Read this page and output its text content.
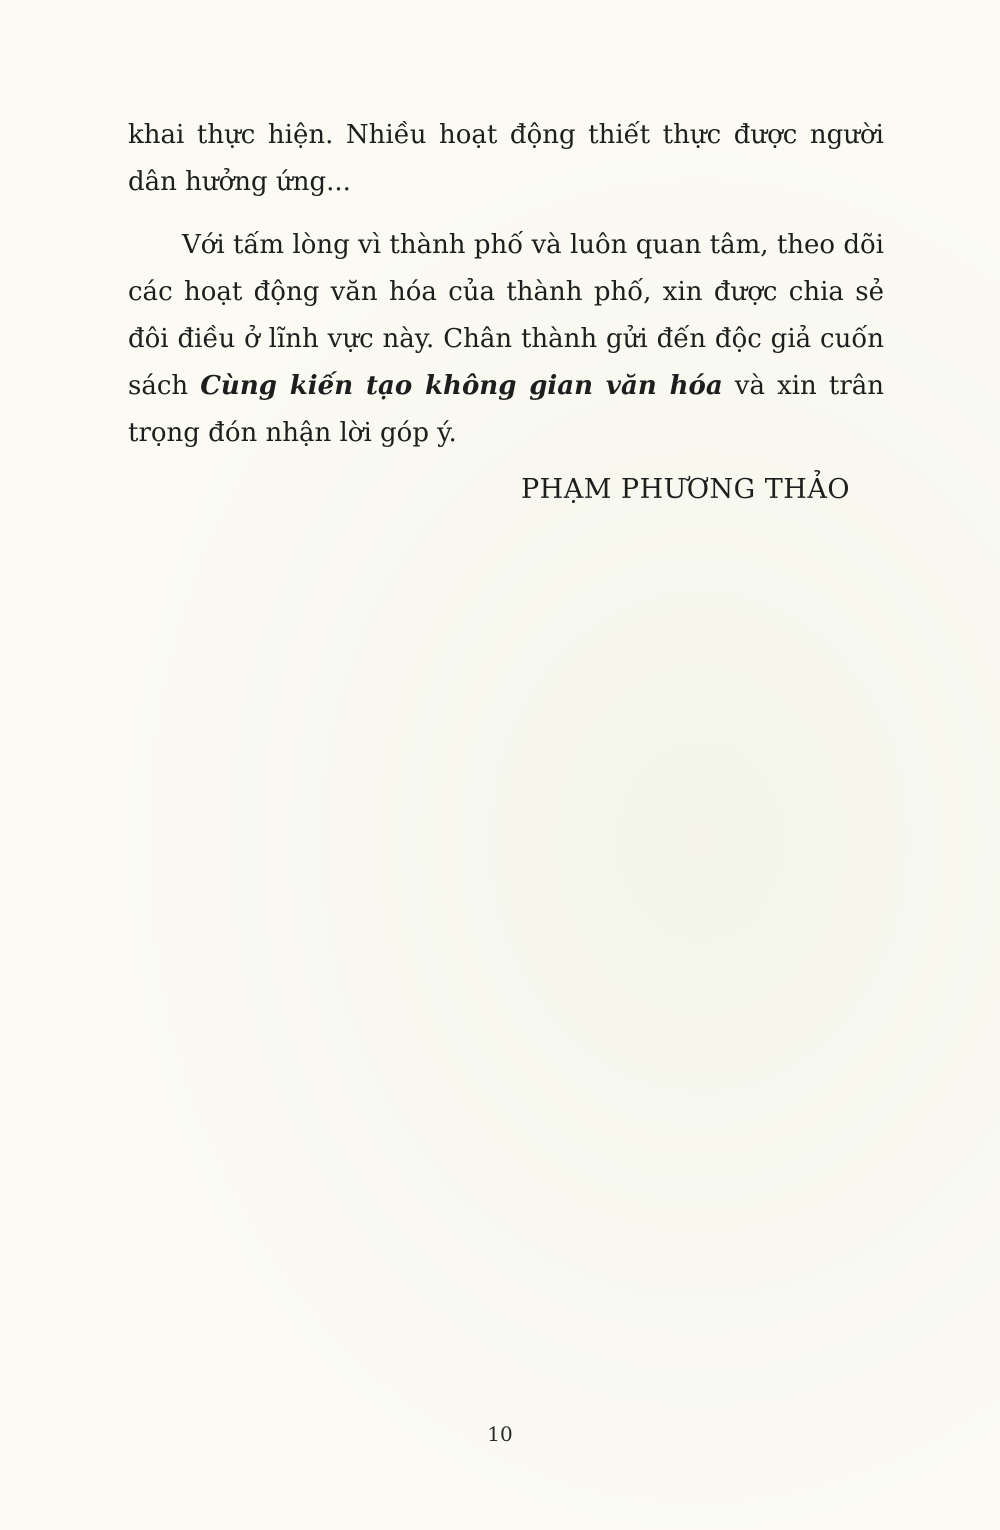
khai thực hiện. Nhiều hoạt động thiết thực được người dân hưởng ứng...

Với tấm lòng vì thành phố và luôn quan tâm, theo dõi các hoạt động văn hóa của thành phố, xin được chia sẻ đôi điều ở lĩnh vực này. Chân thành gửi đến độc giả cuốn sách Cùng kiến tạo không gian văn hóa và xin trân trọng đón nhận lời góp ý.

PHẠM PHƯƠNG THẢO
10
